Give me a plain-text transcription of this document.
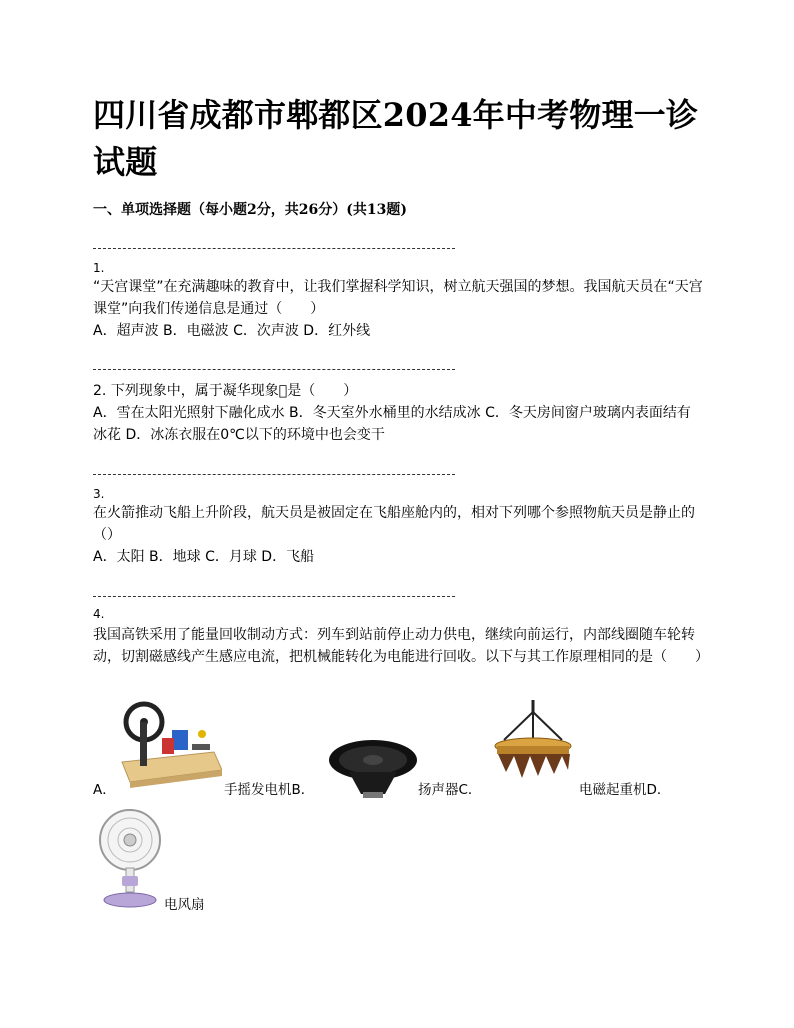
四川省成都市郫都区2024年中考物理一诊试题
一、单项选择题（每小题2分，共26分）(共13题)
1.
“天宫课堂”在充满趣味的教育中，让我们掌握科学知识，树立航天强国的梦想。我国航天员在“天宫课堂”向我们传递信息是通过（　　）
A．超声波 B．电磁波 C．次声波 D．红外线
2. 下列现象中，属于凝华现象 是（　　）
A．雪在太阳光照射下融化成水 B．冬天室外水桶里的水结成冰 C．冬天房间窗户玻璃内表面结有冰花 D．冰冻衣服在0℃以下的环境中也会变干
3.
在火箭推动飞船上升阶段，航天员是被固定在飞船座舱内的，相对下列哪个参照物航天员是静止的（）
A．太阳 B．地球 C．月球 D．飞船
4.
我国高铁采用了能量回收制动方式：列车到站前停止动力供电，继续向前运行，内部线圈随车轮转动，切割磁感线产生感应电流，把机械能转化为电能进行回收。以下与其工作原理相同的是（　　）
A．	手摇发电机B．	扬声器C．	电磁起重机D．
电风扇
